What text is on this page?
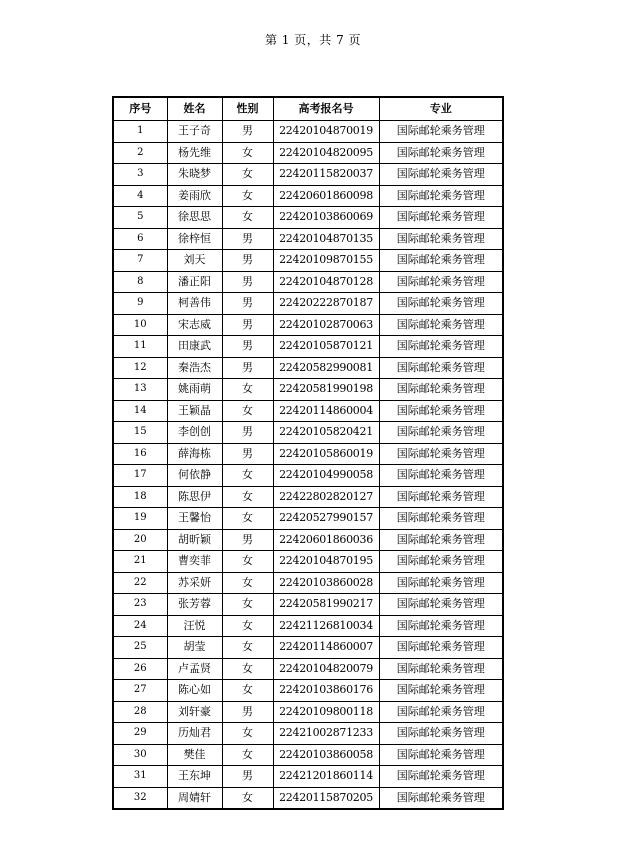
第 1 页，共 7 页
序号	姓名	性别	高考报名号	专业
1	王子奇	男	22420104870019	国际邮轮乘务管理
2	杨先维	女	22420104820095	国际邮轮乘务管理
3	朱晓梦	女	22420115820037	国际邮轮乘务管理
4	姜雨欣	女	22420601860098	国际邮轮乘务管理
5	徐思思	女	22420103860069	国际邮轮乘务管理
6	徐梓恒	男	22420104870135	国际邮轮乘务管理
7	刘天	男	22420109870155	国际邮轮乘务管理
8	潘正阳	男	22420104870128	国际邮轮乘务管理
9	柯善伟	男	22420222870187	国际邮轮乘务管理
10	宋志威	男	22420102870063	国际邮轮乘务管理
11	田康武	男	22420105870121	国际邮轮乘务管理
12	秦浩杰	男	22420582990081	国际邮轮乘务管理
13	姚雨萌	女	22420581990198	国际邮轮乘务管理
14	王颖晶	女	22420114860004	国际邮轮乘务管理
15	李创创	男	22420105820421	国际邮轮乘务管理
16	薛海栋	男	22420105860019	国际邮轮乘务管理
17	何依静	女	22420104990058	国际邮轮乘务管理
18	陈思伊	女	22422802820127	国际邮轮乘务管理
19	王馨怡	女	22420527990157	国际邮轮乘务管理
20	胡昕颖	男	22420601860036	国际邮轮乘务管理
21	曹奕菲	女	22420104870195	国际邮轮乘务管理
22	苏采妍	女	22420103860028	国际邮轮乘务管理
23	张芳蓉	女	22420581990217	国际邮轮乘务管理
24	汪悦	女	22421126810034	国际邮轮乘务管理
25	胡莹	女	22420114860007	国际邮轮乘务管理
26	卢孟贤	女	22420104820079	国际邮轮乘务管理
27	陈心如	女	22420103860176	国际邮轮乘务管理
28	刘轩豪	男	22420109800118	国际邮轮乘务管理
29	历灿君	女	22421002871233	国际邮轮乘务管理
30	樊佳	女	22420103860058	国际邮轮乘务管理
31	王东坤	男	22421201860114	国际邮轮乘务管理
32	周婧轩	女	22420115870205	国际邮轮乘务管理
